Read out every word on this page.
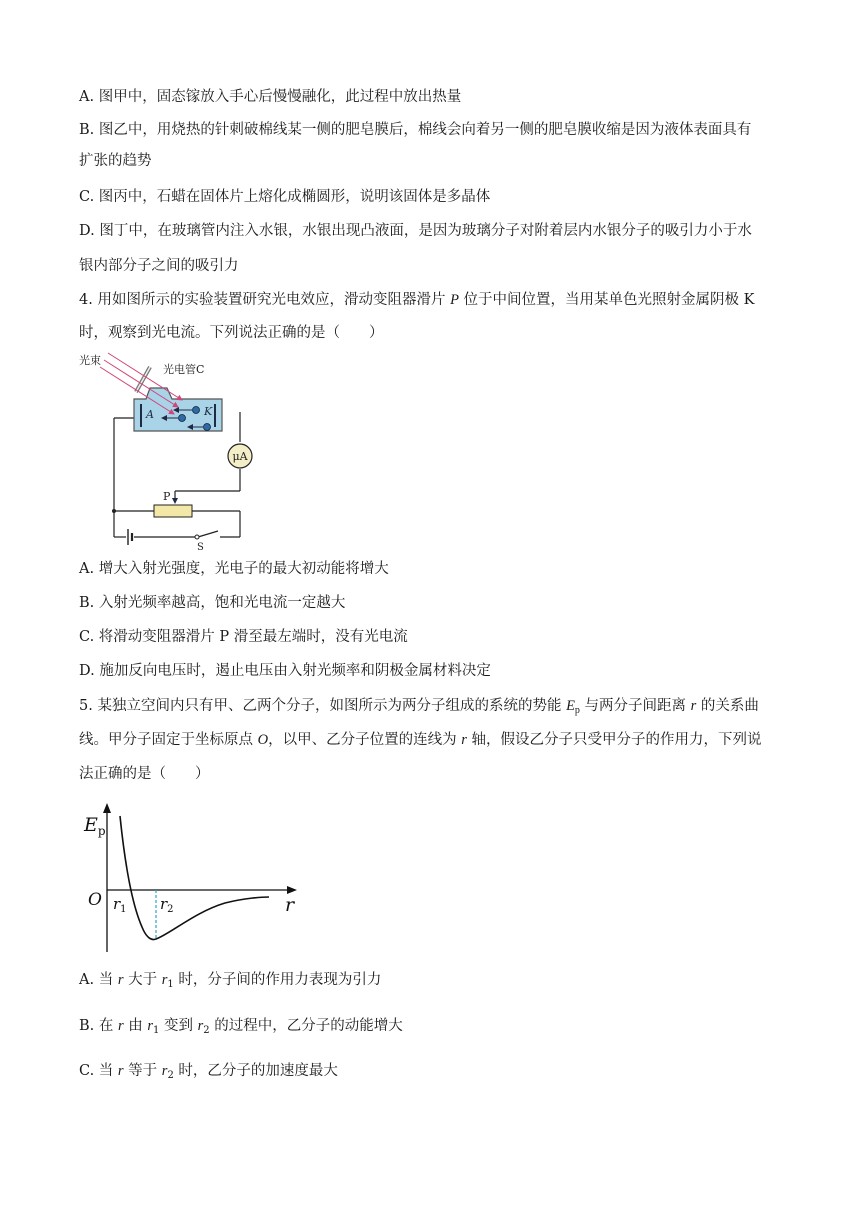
A. 图甲中，固态镓放入手心后慢慢融化，此过程中放出热量
B. 图乙中，用烧热的针刺破棉线某一侧的肥皂膜后，棉线会向着另一侧的肥皂膜收缩是因为液体表面具有
扩张的趋势
C. 图丙中，石蜡在固体片上熔化成椭圆形，说明该固体是多晶体
D. 图丁中，在玻璃管内注入水银，水银出现凸液面，是因为玻璃分子对附着层内水银分子的吸引力小于水
银内部分子之间的吸引力
4. 用如图所示的实验装置研究光电效应，滑动变阻器滑片 P 位于中间位置，当用某单色光照射金属阴极 K
时，观察到光电流。下列说法正确的是（　　）
S
P
μA
A	K
光束
光电管C
A. 增大入射光强度，光电子的最大初动能将增大
B. 入射光频率越高，饱和光电流一定越大
C. 将滑动变阻器滑片 P 滑至最左端时，没有光电流
D. 施加反向电压时，遏止电压由入射光频率和阴极金属材料决定
5. 某独立空间内只有甲、乙两个分子，如图所示为两分子组成的系统的势能 $E_p$ 与两分子间距离 r 的关系曲
线。甲分子固定于坐标原点 O，以甲、乙分子位置的连线为 r 轴，假设乙分子只受甲分子的作用力，下列说
法正确的是（　　）
$E_p$
O	r
$r_1$ $r_2$
A. 当 r 大于 $r_1$ 时，分子间的作用力表现为引力
B. 在 r 由 $r_1$ 变到 $r_2$ 的过程中，乙分子的动能增大
C. 当 r 等于 $r_2$ 时，乙分子的加速度最大
